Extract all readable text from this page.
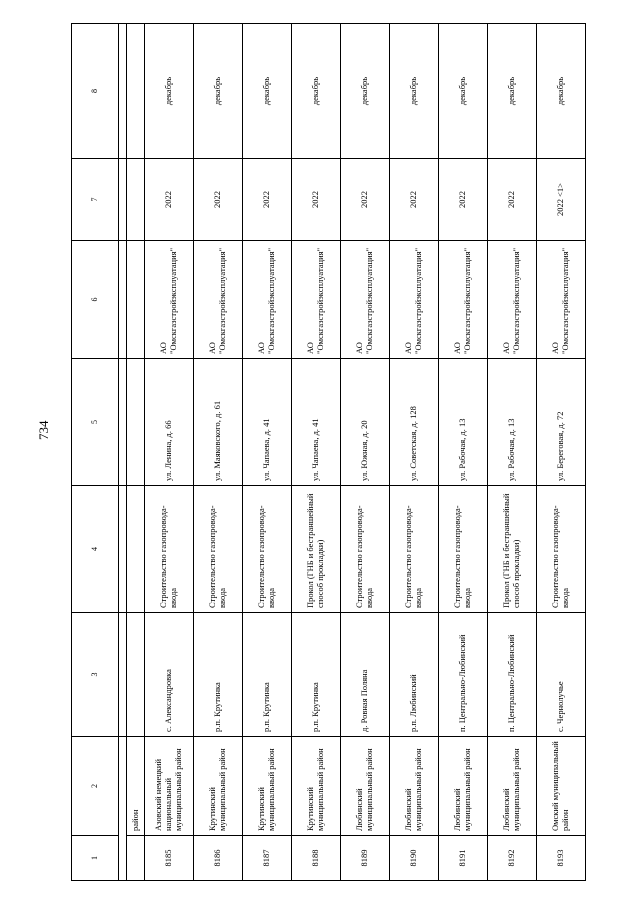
734
1
2
3
4
5
6
7
8
район
8185
Азовский немецкий национальный муниципальный район
с. Александровка
Строительство газопровода-ввода
ул. Ленина, д. 66
АО "Омскгазстройэксплуатация"
2022
декабрь
8186
Крутинский муниципальный район
р.п. Крутинка
Строительство газопровода-ввода
ул. Маяковского, д. 61
АО "Омскгазстройэксплуатация"
2022
декабрь
8187
Крутинский муниципальный район
р.п. Крутинка
Строительство газопровода-ввода
ул. Чапаева, д. 41
АО "Омскгазстройэксплуатация"
2022
декабрь
8188
Крутинский муниципальный район
р.п. Крутинка
Прокол (ГНБ и бестраншейный способ прокладки)
ул. Чапаева, д. 41
АО "Омскгазстройэксплуатация"
2022
декабрь
8189
Любинский муниципальный район
д. Ровная Поляна
Строительство газопровода-ввода
ул. Южная, д. 20
АО "Омскгазстройэксплуатация"
2022
декабрь
8190
Любинский муниципальный район
р.п. Любинский
Строительство газопровода-ввода
ул. Советская, д. 128
АО "Омскгазстройэксплуатация"
2022
декабрь
8191
Любинский муниципальный район
п. Центрально-Любинский
Строительство газопровода-ввода
ул. Рабочая, д. 13
АО "Омскгазстройэксплуатация"
2022
декабрь
8192
Любинский муниципальный район
п. Центрально-Любинский
Прокол (ГНБ и бестраншейный способ прокладки)
ул. Рабочая, д. 13
АО "Омскгазстройэксплуатация"
2022
декабрь
8193
Омский муниципальный район
с. Чернолучье
Строительство газопровода-ввода
ул. Береговая, д. 72
АО "Омскгазстройэксплуатация"
2022 <1>
декабрь
